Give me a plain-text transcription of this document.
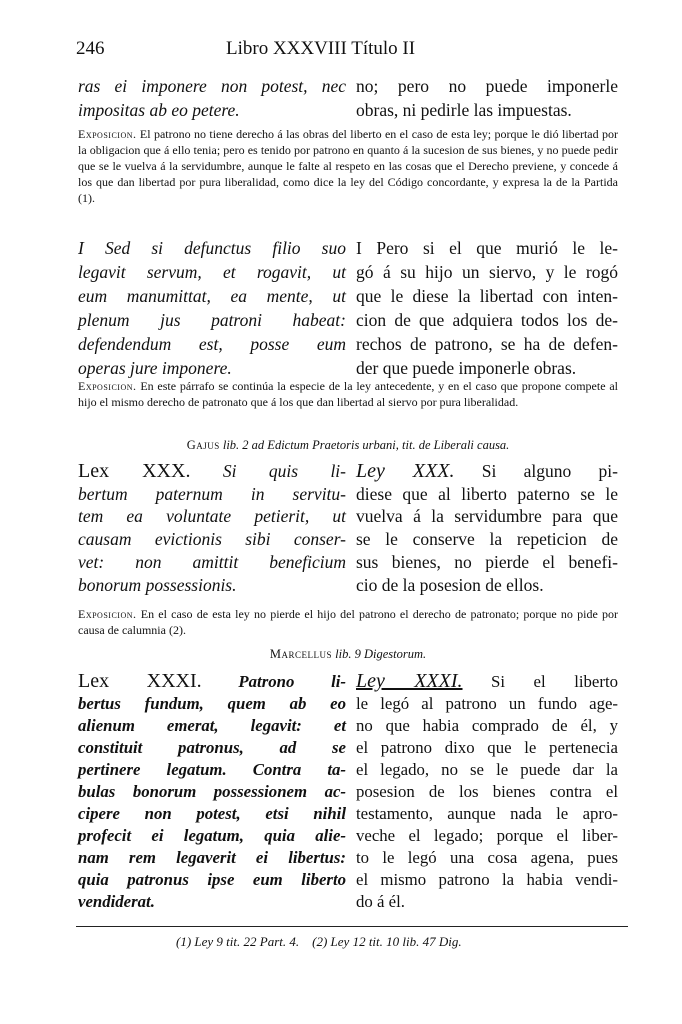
246	Libro XXXVIII Título II
ras ei imponere non potest, nec
impositas ab eo petere.
no; pero no puede imponerle
obras, ni pedirle las impuestas.
Exposicion. El patrono no tiene derecho á las obras del liberto en el caso de esta ley; porque le dió libertad por la obligacion que á ello tenia; pero es tenido por patrono en quanto á la sucesion de sus bienes, y no puede pedir que se le vuelva á la servidumbre, aunque le falte al respeto en las cosas que el Derecho previene, y concede á los que dan libertad por pura liberalidad, como dice la ley del Código concordante, y expresa la de la Partida (1).
I Sed si defunctus filio suo
legavit servum, et rogavit, ut
eum manumittat, ea mente, ut
plenum jus patroni habeat:
defendendum est, posse eum
operas jure imponere.
I Pero si el que murió le le-
gó á su hijo un siervo, y le rogó
que le diese la libertad con inten-
cion de que adquiera todos los de-
rechos de patrono, se ha de defen-
der que puede imponerle obras.
Exposicion. En este párrafo se continúa la especie de la ley antecedente, y en el caso que propone compete al hijo el mismo derecho de patronato que á los que dan libertad al siervo por pura liberalidad.
Gajus lib. 2 ad Edictum Praetoris urbani, tit. de Liberali causa.
Lex XXX. Si quis li-
bertum paternum in servitu-
tem ea voluntate petierit, ut
causam evictionis sibi conser-
vet: non amittit beneficium
bonorum possessionis.
Ley XXX. Si alguno pi-
diese que al liberto paterno se le
vuelva á la servidumbre para que
se le conserve la repeticion de
sus bienes, no pierde el benefi-
cio de la posesion de ellos.
Exposicion. En el caso de esta ley no pierde el hijo del patrono el derecho de patronato; porque no pide por causa de calumnia (2).
Marcellus lib. 9 Digestorum.
Lex XXXI. Patrono li-
bertus fundum, quem ab eo
alienum emerat, legavit: et
constituit patronus, ad se
pertinere legatum. Contra ta-
bulas bonorum possessionem ac-
cipere non potest, etsi nihil
profecit ei legatum, quia alie-
nam rem legaverit ei libertus:
quia patronus ipse eum liberto
vendiderat.
Ley XXXI. Si el liberto
le legó al patrono un fundo age-
no que habia comprado de él, y
el patrono dixo que le pertenecia
el legado, no se le puede dar la
posesion de los bienes contra el
testamento, aunque nada le apro-
veche el legado; porque el liber-
to le legó una cosa agena, pues
el mismo patrono la habia vendi-
do á él.
(1) Ley 9 tit. 22 Part. 4. (2) Ley 12 tit. 10 lib. 47 Dig.
